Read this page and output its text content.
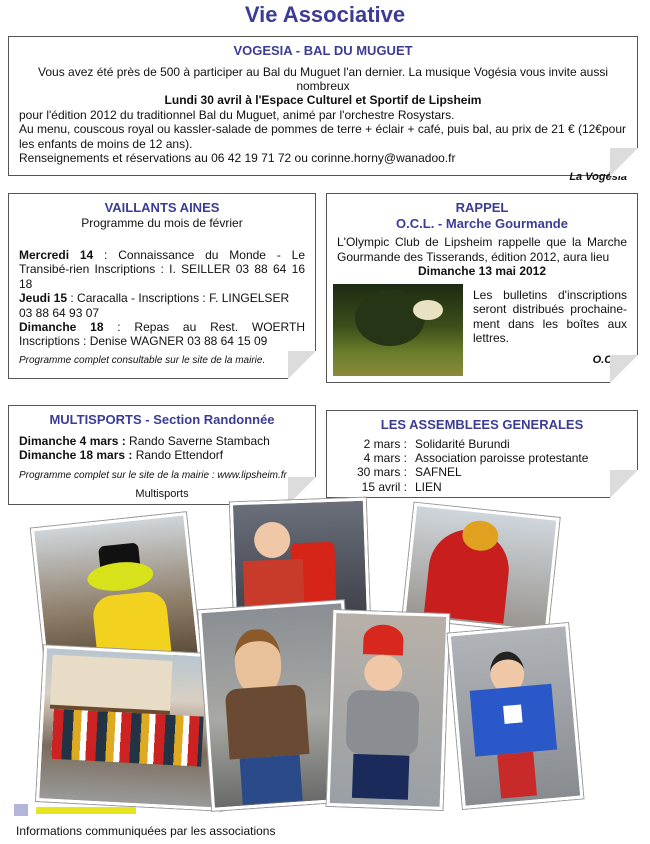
Vie Associative
VOGESIA - BAL DU MUGUET
Vous avez été près de 500 à participer au Bal du Muguet l'an dernier. La musique Vogésia vous invite aussi nombreux
Lundi 30 avril à l'Espace Culturel et Sportif de Lipsheim
pour l'édition 2012 du traditionnel Bal du Muguet, animé par l'orchestre Rosystars.
Au menu, couscous royal ou kassler-salade de pommes de terre + éclair + café, puis bal, au prix de 21 € (12€pour les enfants de moins de 12 ans).
Renseignements et réservations au 06 42 19 71 72 ou corinne.horny@wanadoo.fr
La Vogésia
VAILLANTS AINES
Programme du mois de février
Mercredi 14 : Connaissance du Monde - Le Transibé-rien Inscriptions : I. SEILLER 03 88 64 16 18
Jeudi 15 : Caracalla - Inscriptions : F. LINGELSER 03 88 64 93 07
Dimanche 18 : Repas au Rest. WOERTH Inscriptions : Denise WAGNER 03 88 64 15 09
Programme complet consultable sur le site de la mairie.
RAPPEL
O.C.L. - Marche Gourmande
L'Olympic Club de Lipsheim rappelle que la Marche Gourmande des Tisserands, édition 2012, aura lieu
Dimanche 13 mai 2012
Les bulletins d'inscriptions seront distribués prochaine-ment dans les boîtes aux lettres.
O.C.L.
MULTISPORTS - Section Randonnée
Dimanche 4 mars : Rando Saverne Stambach
Dimanche 18 mars : Rando Ettendorf
Programme complet sur le site de la mairie : www.lipsheim.fr
Multisports
LES ASSEMBLEES GENERALES
2 mars : Solidarité Burundi
4 mars : Association paroisse protestante
30 mars : SAFNEL
15 avril : LIEN
Informations communiquées par les associations
